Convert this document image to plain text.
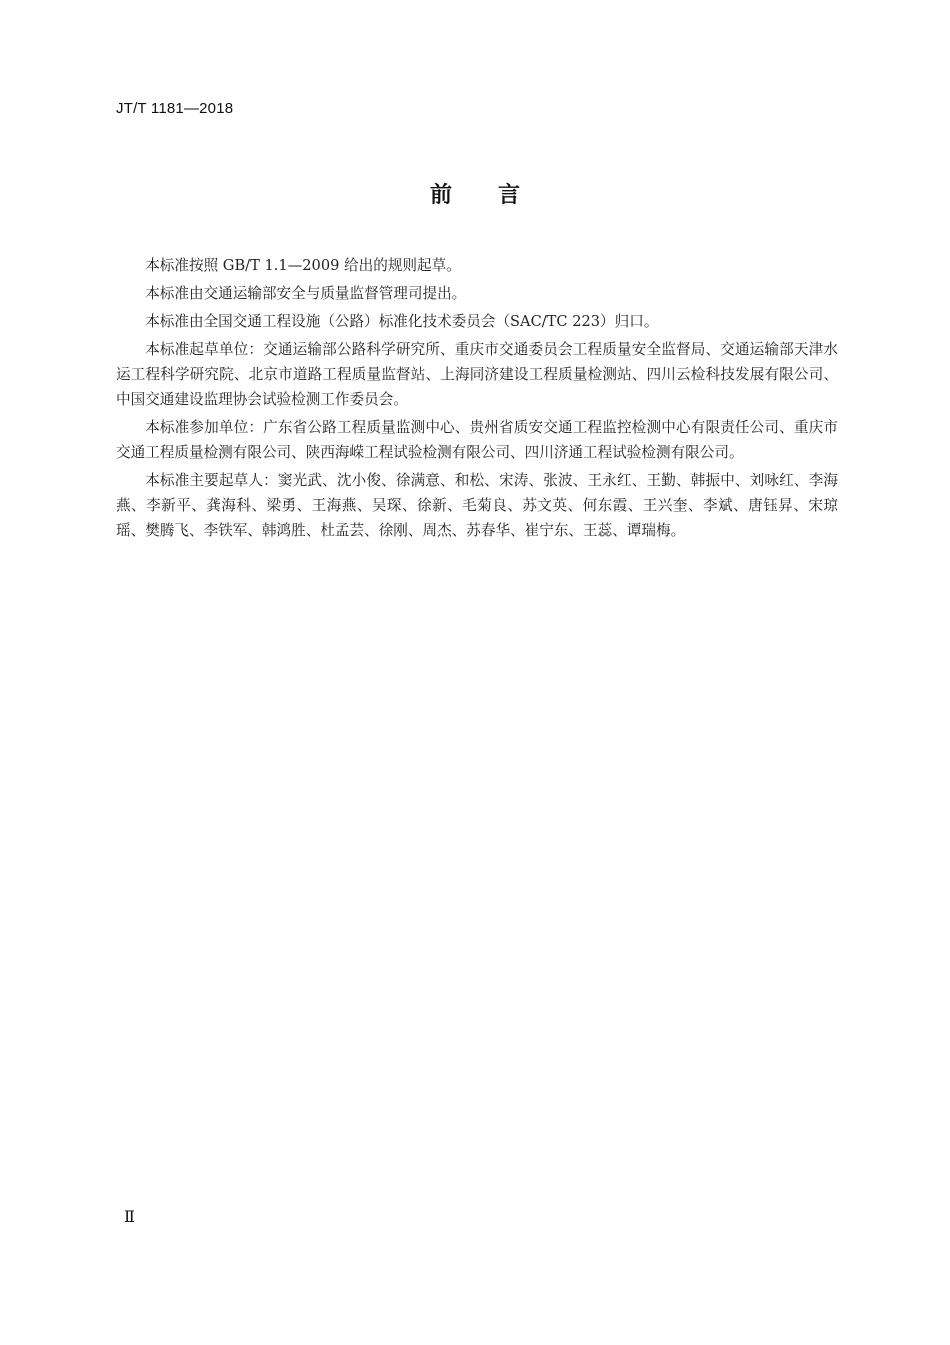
JT/T 1181—2018
前 言

本标准按照 GB/T 1.1—2009 给出的规则起草。

本标准由交通运输部安全与质量监督管理司提出。

本标准由全国交通工程设施（公路）标准化技术委员会（SAC/TC 223）归口。

本标准起草单位：交通运输部公路科学研究所、重庆市交通委员会工程质量安全监督局、交通运输部天津水运工程科学研究院、北京市道路工程质量监督站、上海同济建设工程质量检测站、四川云检科技发展有限公司、中国交通建设监理协会试验检测工作委员会。

本标准参加单位：广东省公路工程质量监测中心、贵州省质安交通工程监控检测中心有限责任公司、重庆市交通工程质量检测有限公司、陕西海嵘工程试验检测有限公司、四川济通工程试验检测有限公司。

本标准主要起草人：窦光武、沈小俊、徐满意、和松、宋涛、张波、王永红、王勤、韩振中、刘咏红、李海燕、李新平、龚海科、梁勇、王海燕、吴琛、徐新、毛菊良、苏文英、何东霞、王兴奎、李斌、唐钰昇、宋琼瑶、樊腾飞、李铁军、韩鸿胜、杜孟芸、徐刚、周杰、苏春华、崔宁东、王蕊、谭瑞梅。

Ⅱ
